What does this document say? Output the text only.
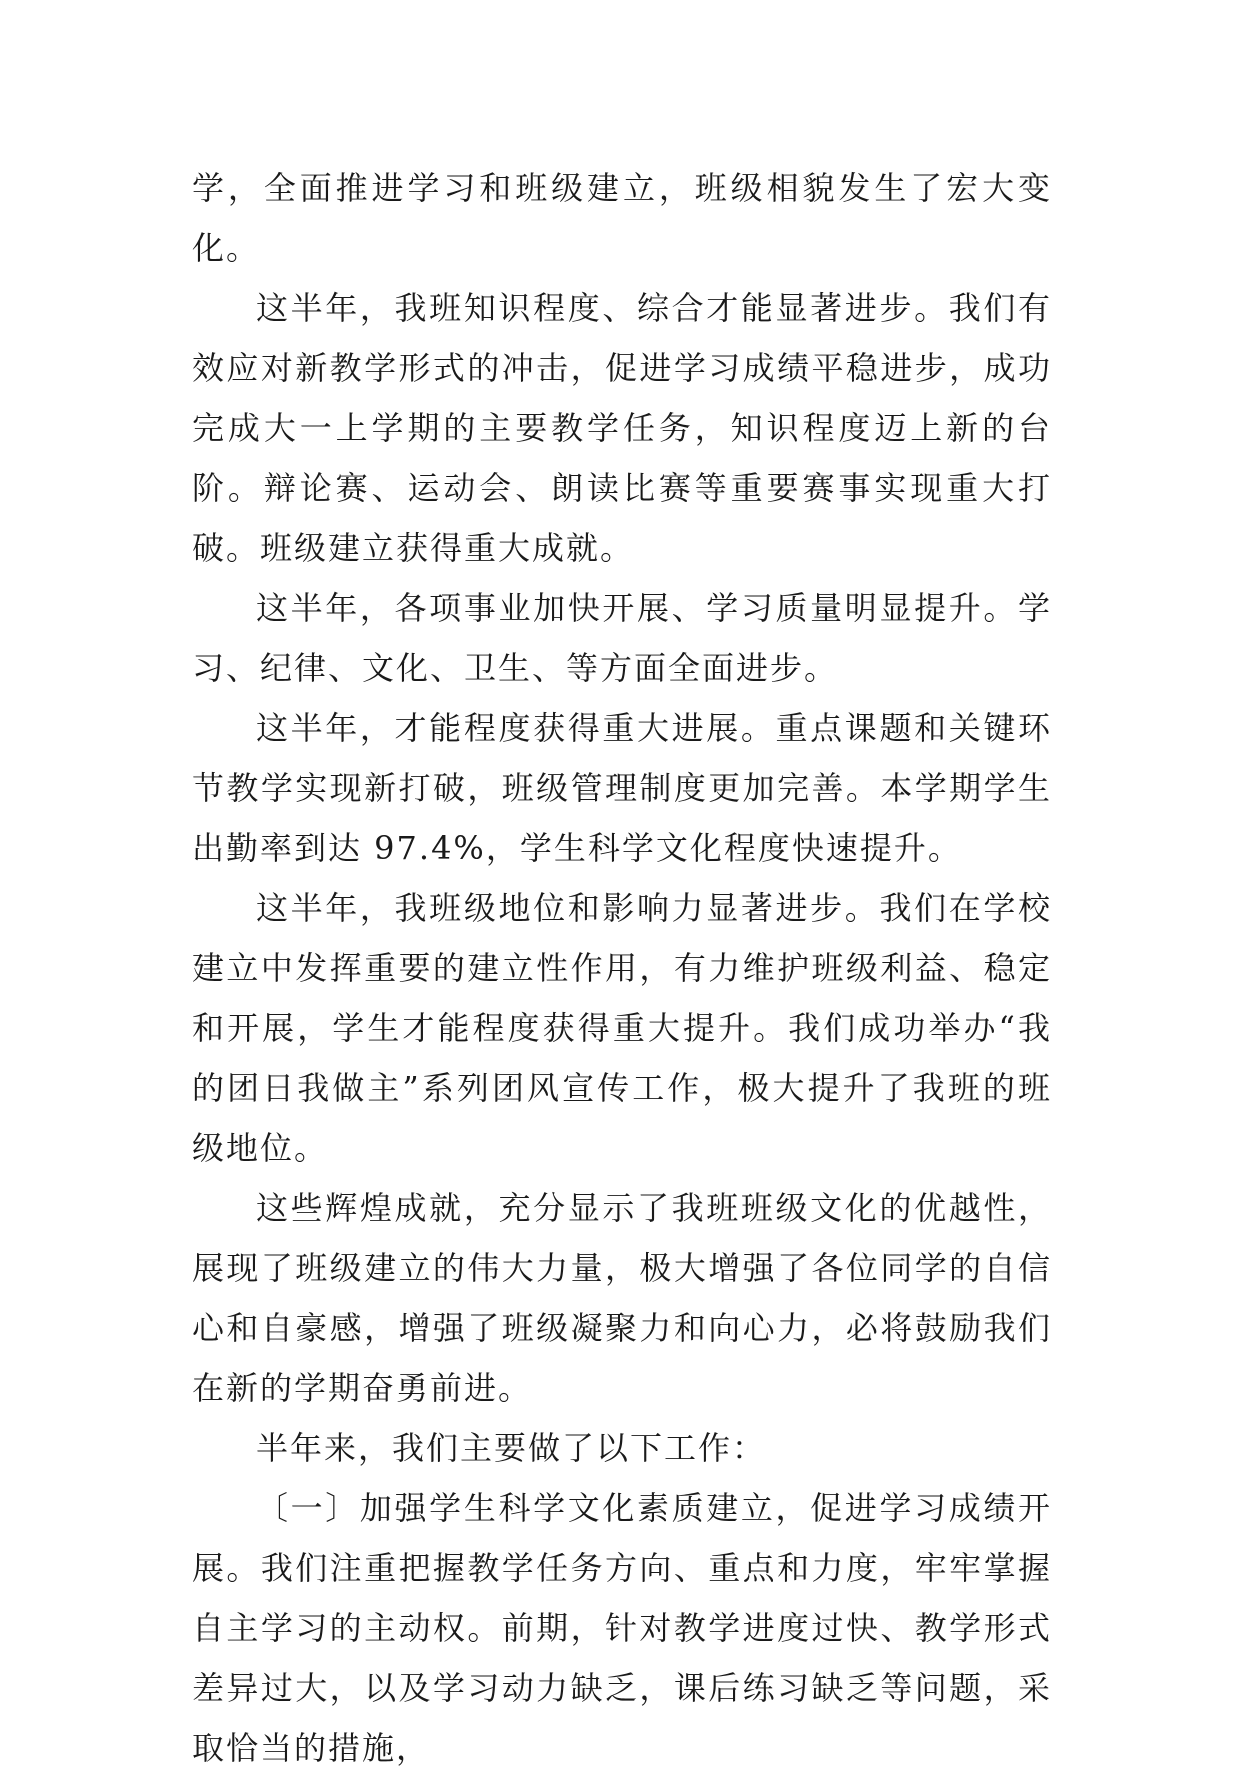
学，全面推进学习和班级建立，班级相貌发生了宏大变化。

这半年，我班知识程度、综合才能显著进步。我们有效应对新教学形式的冲击，促进学习成绩平稳进步，成功完成大一上学期的主要教学任务，知识程度迈上新的台阶。辩论赛、运动会、朗读比赛等重要赛事实现重大打破。班级建立获得重大成就。

这半年，各项事业加快开展、学习质量明显提升。学习、纪律、文化、卫生、等方面全面进步。

这半年，才能程度获得重大进展。重点课题和关键环节教学实现新打破，班级管理制度更加完善。本学期学生出勤率到达 97.4%，学生科学文化程度快速提升。

这半年，我班级地位和影响力显著进步。我们在学校建立中发挥重要的建立性作用，有力维护班级利益、稳定和开展，学生才能程度获得重大提升。我们成功举办“我的团日我做主”系列团风宣传工作，极大提升了我班的班级地位。

这些辉煌成就，充分显示了我班班级文化的优越性，展现了班级建立的伟大力量，极大增强了各位同学的自信心和自豪感，增强了班级凝聚力和向心力，必将鼓励我们在新的学期奋勇前进。

半年来，我们主要做了以下工作：

〔一〕加强学生科学文化素质建立，促进学习成绩开展。我们注重把握教学任务方向、重点和力度，牢牢掌握自主学习的主动权。前期，针对教学进度过快、教学形式差异过大，以及学习动力缺乏，课后练习缺乏等问题，采取恰当的措施，
